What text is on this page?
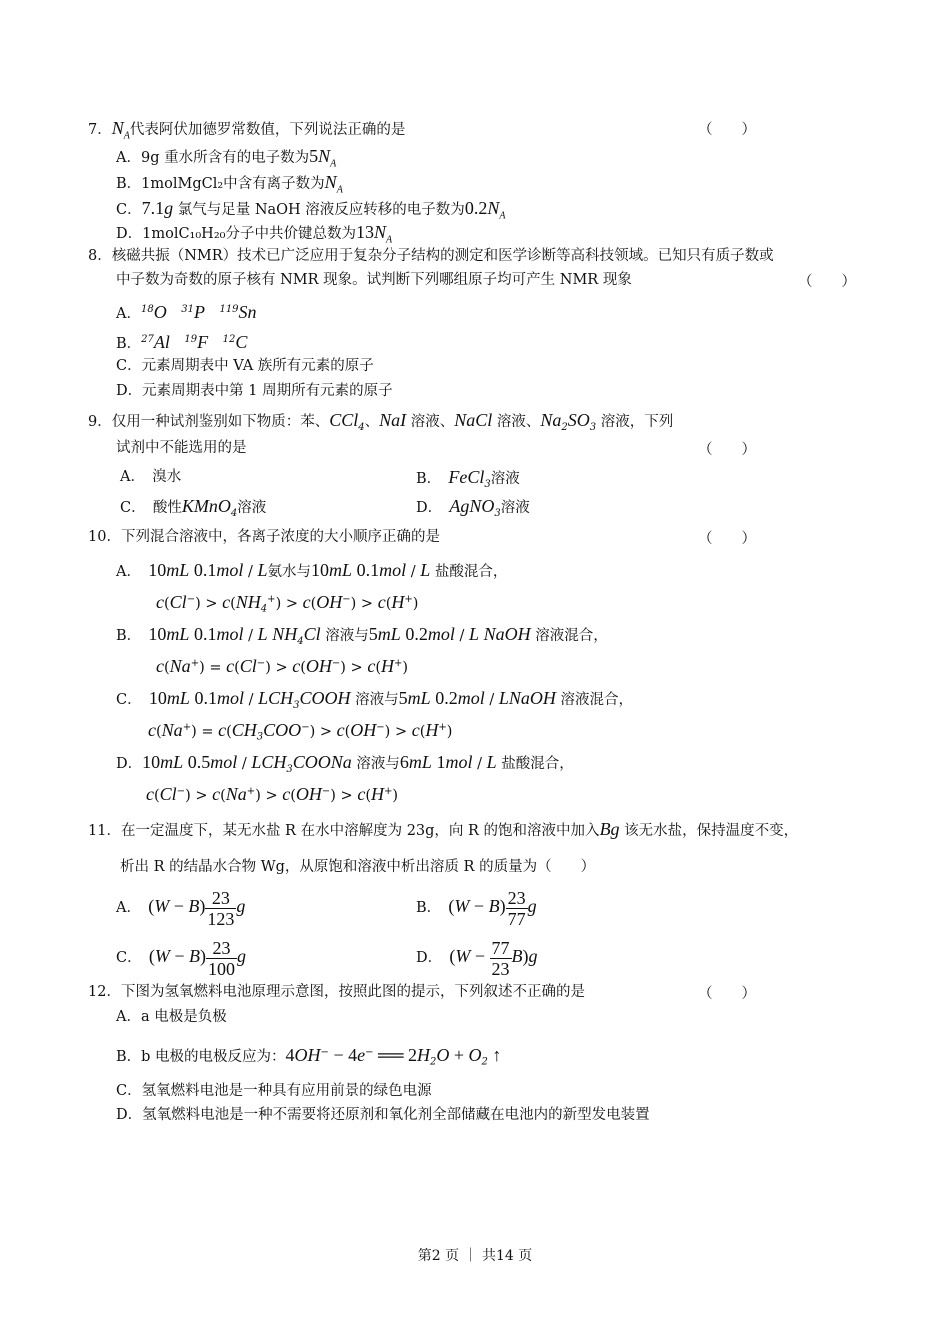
7．$N_A$代表阿伏加德罗常数值，下列说法正确的是	（　　）
A．9g 重水所含有的电子数为$5N_A$
B．1molMgCl₂中含有离子数为$N_A$
C．7.1g 氯气与足量 NaOH 溶液反应转移的电子数为$0.2N_A$
D．1molC₁₀H₂₀分子中共价键总数为$13N_A$
8．核磁共振（NMR）技术已广泛应用于复杂分子结构的测定和医学诊断等高科技领域。已知只有质子数或
中子数为奇数的原子核有 NMR 现象。试判断下列哪组原子均可产生 NMR 现象	（　　）
A．$^{18}$O　 $^{31}$P　 $^{119}$Sn
B．$^{27}$Al　 $^{19}$F　 $^{12}$C
C．元素周期表中 VA 族所有元素的原子
D．元素周期表中第 1 周期所有元素的原子
9．仅用一种试剂鉴别如下物质：苯、CCl$_4$、NaI 溶液、NaCl 溶液、$Na_2SO_3$ 溶液，下列
试剂中不能选用的是	（　　）
A．　 溴水	B．　 FeCl$_3$溶液
C．　 酸性KMnO$_4$溶液	D．　 AgNO$_3$溶液
10．下列混合溶液中，各离子浓度的大小顺序正确的是	（　　）
A．　 10mL 0.1mol / L氨水与10mL 0.1mol / L 盐酸混合，
$c(Cl^-) > c(NH_4^+) > c(OH^-) > c(H^+)$
B．　 10mL 0.1mol / L $NH_4Cl$ 溶液与5mL 0.2mol / L NaOH 溶液混合，
c(Na+) = c(Cl−) > c(OH−) > c(H+)
C．　 10mL $0.1mol / LCH_3COOH$ 溶液与5mL 0.2mol / LNaOH 溶液混合，
$c(Na^+) = c(CH_3COO^-) > c(OH^-) > c(H^+)$
D．10mL $0.5mol / LCH_3COONa$ 溶液与6mL 1mol / L 盐酸混合，
c(Cl−) > c(Na+) > c(OH−) > c(H+)
11．在一定温度下，某无水盐 R 在水中溶解度为 23g，向 R 的饱和溶液中加入Bg 该无水盐，保持温度不变，
析出 R 的结晶水合物 Wg，从原饱和溶液中析出溶质 R 的质量为（　　）
A．　 $(W - B) \frac{23}{123}$ g	B．　 $(W - B) \frac{23}{77}$ g
C．　 $(W - B) \frac{23}{100}$ g	D．　 $(W - \frac{77}{23} B)g$
12．下图为氢氧燃料电池原理示意图，按照此图的提示，下列叙述不正确的是	（　　）
A．a 电极是负极
B．b 电极的电极反应为：4OH− − 4e− ══ $2H_2O + O_2$ ↑
C．氢氧燃料电池是一种具有应用前景的绿色电源
D．氢氧燃料电池是一种不需要将还原剂和氧化剂全部储藏在电池内的新型发电装置
第2 页 ｜ 共14 页
